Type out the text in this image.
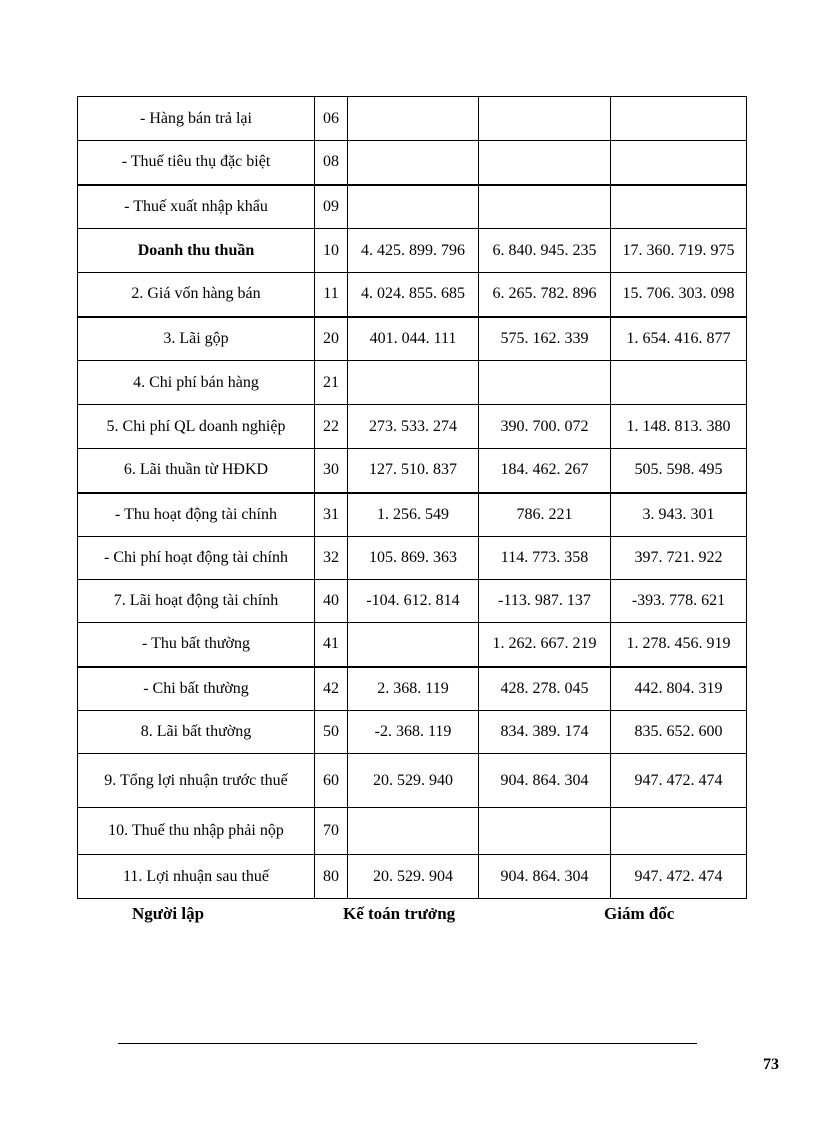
- Hàng bán trả lại	06			
- Thuế tiêu thụ đặc biệt	08			
- Thuế xuất nhập khẩu	09			
Doanh thu thuần	10	4. 425. 899. 796	6. 840. 945. 235	17. 360. 719. 975
2. Giá vốn hàng bán	11	4. 024. 855. 685	6. 265. 782. 896	15. 706. 303. 098
3. Lãi gộp	20	401. 044. 111	575. 162. 339	1. 654. 416. 877
4. Chi phí bán hàng	21			
5. Chi phí QL doanh nghiệp	22	273. 533. 274	390. 700. 072	1. 148. 813. 380
6. Lãi thuần từ HĐKD	30	127. 510. 837	184. 462. 267	505. 598. 495
- Thu hoạt động tài chính	31	1. 256. 549	786. 221	3. 943. 301
- Chi phí hoạt động tài chính	32	105. 869. 363	114. 773. 358	397. 721. 922
7. Lãi hoạt động tài chính	40	-104. 612. 814	-113. 987. 137	-393. 778. 621
- Thu bất thường	41		1. 262. 667. 219	1. 278. 456. 919
- Chi bất thường	42	2. 368. 119	428. 278. 045	442. 804. 319
8. Lãi bất thường	50	-2. 368. 119	834. 389. 174	835. 652. 600
9. Tổng lợi nhuận trước thuế	60	20. 529. 940	904. 864. 304	947. 472. 474
10. Thuế thu nhập phải nộp	70			
11. Lợi nhuận sau thuế	80	20. 529. 904	904. 864. 304	947. 472. 474
Người lập	Kế toán trưởng	Giám đốc
73
